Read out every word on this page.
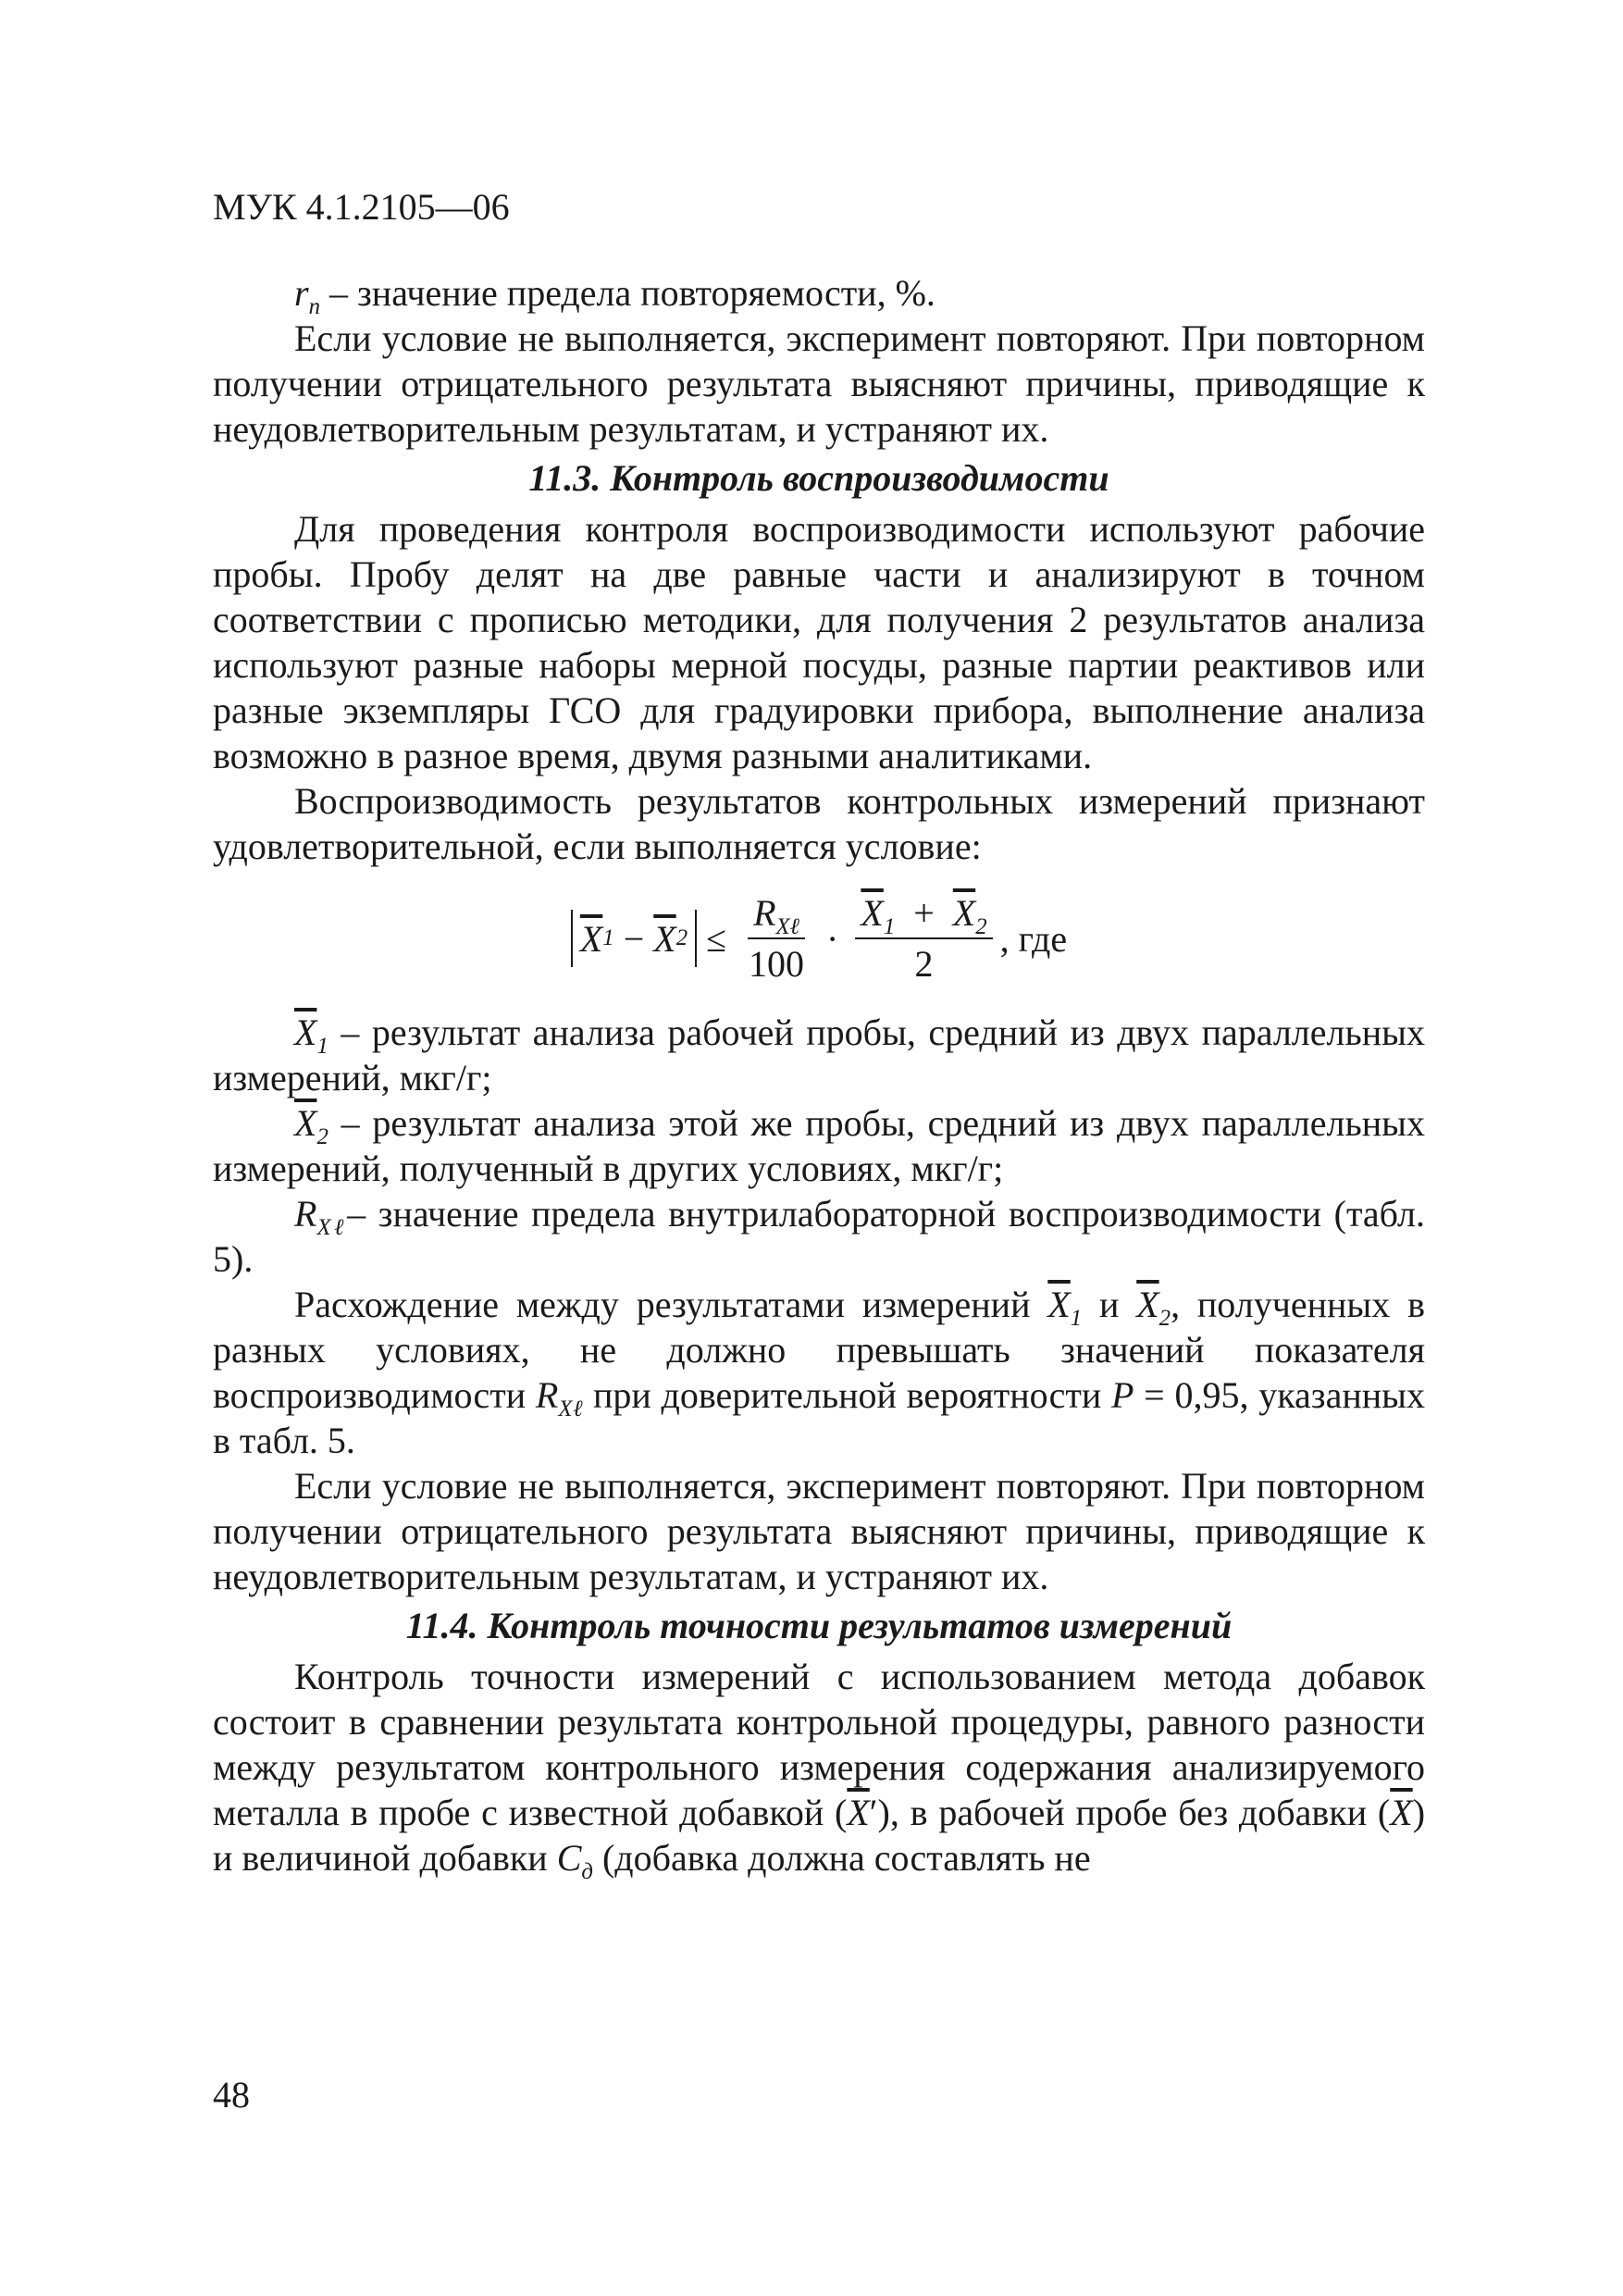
МУК 4.1.2105—06

$r_n$ – значение предела повторяемости, %.

Если условие не выполняется, эксперимент повторяют. При повторном получении отрицательного результата выясняют причины, приводящие к неудовлетворительным результатам, и устраняют их.

11.3. Контроль воспроизводимости

Для проведения контроля воспроизводимости используют рабочие пробы. Пробу делят на две равные части и анализируют в точном соответствии с прописью методики, для получения 2 результатов анализа используют разные наборы мерной посуды, разные партии реактивов или разные экземпляры ГСО для градуировки прибора, выполнение анализа возможно в разное время, двумя разными аналитиками.

Воспроизводимость результатов контрольных измерений признают удовлетворительной, если выполняется условие:

$\overline{X}$ $1 - \overline{X}$ $2 \le \frac{R_{X\ell}}{100} \cdot \frac{\overline{X}_1 + \overline{X}_2}{2}$ , где

$\overline{X}_1$ – результат анализа рабочей пробы, средний из двух параллельных измерений, мкг/г;

$\overline{X}_2$ – результат анализа этой же пробы, средний из двух параллельных измерений, полученный в других условиях, мкг/г;

$R_{X\ell}-$ значение предела внутрилабораторной воспроизводимости (табл. 5).

Расхождение между результатами измерений $\overline{X}_1$ и $\overline{X}_2$, полученных в разных условиях, не должно превышать значений показателя воспроизводимости $R_{X\ell}$ при доверительной вероятности P = 0,95, указанных в табл. 5.

Если условие не выполняется, эксперимент повторяют. При повторном получении отрицательного результата выясняют причины, приводящие к неудовлетворительным результатам, и устраняют их.

11.4. Контроль точности результатов измерений

Контроль точности измерений с использованием метода добавок состоит в сравнении результата контрольной процедуры, равного разности между результатом контрольного измерения содержания анализируемого металла в пробе с известной добавкой $(\overline{X}')$, в рабочей пробе без добавки $(\overline{X})$ и величиной добавки $C_д$ (добавка должна составлять не

48
